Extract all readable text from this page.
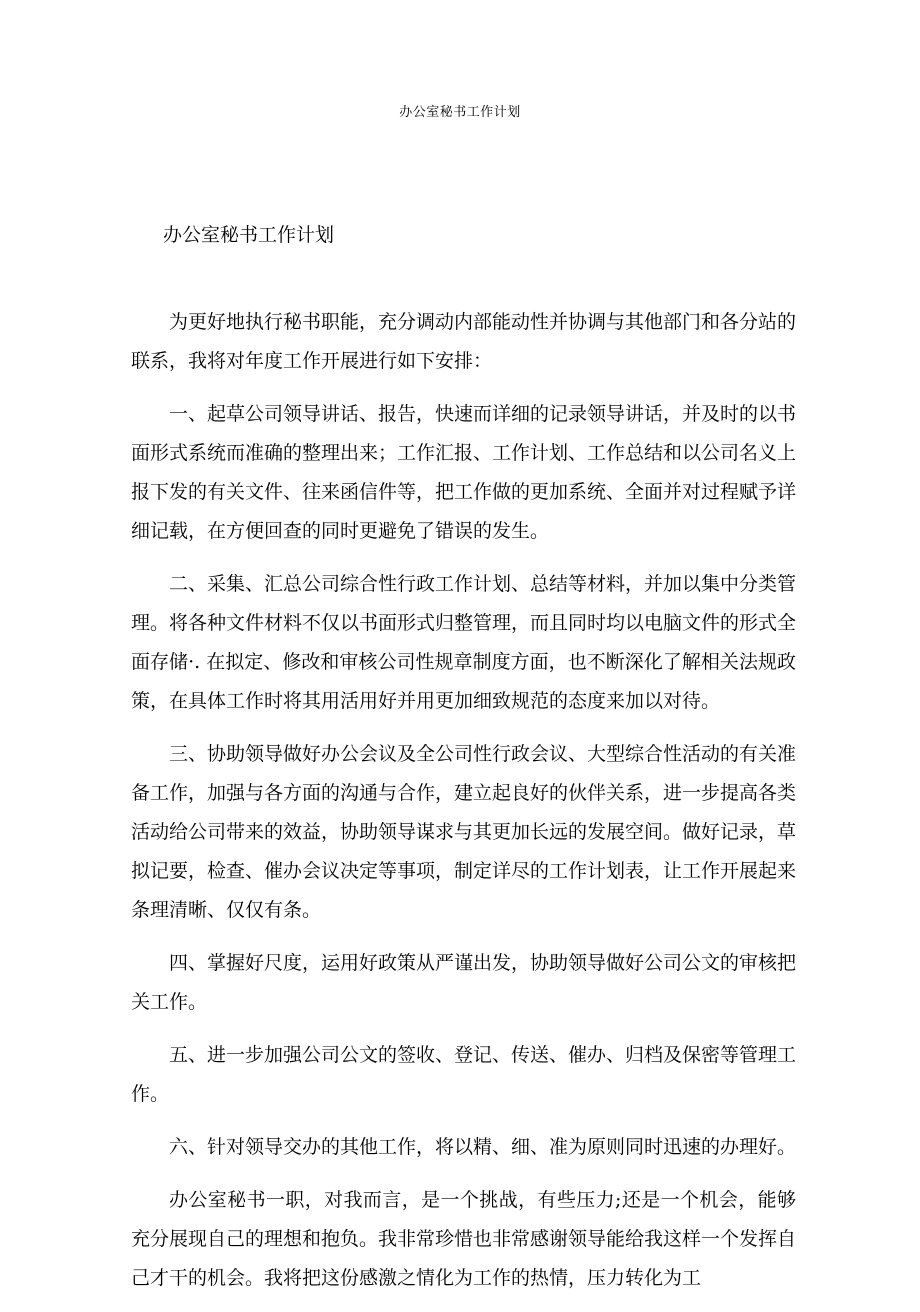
办公室秘书工作计划
办公室秘书工作计划

为更好地执行秘书职能，充分调动内部能动性并协调与其他部门和各分站的联系，我将对年度工作开展进行如下安排：

一、起草公司领导讲话、报告，快速而详细的记录领导讲话，并及时的以书面形式系统而准确的整理出来；工作汇报、工作计划、工作总结和以公司名义上报下发的有关文件、往来函信件等，把工作做的更加系统、全面并对过程赋予详细记载，在方便回查的同时更避免了错误的发生。

二、采集、汇总公司综合性行政工作计划、总结等材料，并加以集中分类管理。将各种文件材料不仅以书面形式归整管理，而且同时均以电脑文件的形式全面存储·. 在拟定、修改和审核公司性规章制度方面，也不断深化了解相关法规政策，在具体工作时将其用活用好并用更加细致规范的态度来加以对待。

三、协助领导做好办公会议及全公司性行政会议、大型综合性活动的有关准备工作，加强与各方面的沟通与合作，建立起良好的伙伴关系，进一步提高各类活动给公司带来的效益，协助领导谋求与其更加长远的发展空间。做好记录，草拟记要，检查、催办会议决定等事项，制定详尽的工作计划表，让工作开展起来条理清晰、仅仅有条。

四、掌握好尺度，运用好政策从严谨出发，协助领导做好公司公文的审核把关工作。

五、进一步加强公司公文的签收、登记、传送、催办、归档及保密等管理工作。

六、针对领导交办的其他工作，将以精、细、准为原则同时迅速的办理好。

办公室秘书一职，对我而言，是一个挑战，有些压力;还是一个机会，能够充分展现自己的理想和抱负。我非常珍惜也非常感谢领导能给我这样一个发挥自己才干的机会。我将把这份感激之情化为工作的热情，压力转化为工
